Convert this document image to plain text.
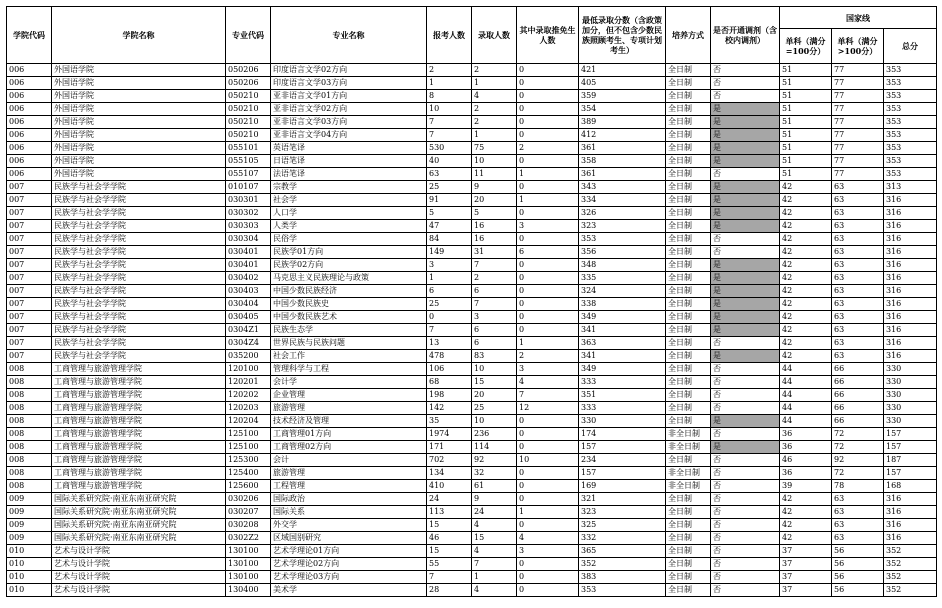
学院代码	学院名称	专业代码	专业名称	报考人数	录取人数	其中录取推免生人数	最低录取分数（含政策加分，但不包含少数民族照顾考生、专项计划考生）	培养方式	是否开通调剂（含校内调剂）	国家线		
										单科（满分=100分）	单科（满分>100分）	总分
006	外国语学院	050206	印度语言文学02方向	2	2	0	421	全日制	否	51	77	353
006	外国语学院	050206	印度语言文学03方向	1	1	0	405	全日制	否	51	77	353
006	外国语学院	050210	亚非语言文学01方向	8	4	0	359	全日制	否	51	77	353
006	外国语学院	050210	亚非语言文学02方向	10	2	0	354	全日制	是	51	77	353
006	外国语学院	050210	亚非语言文学03方向	7	2	0	389	全日制	是	51	77	353
006	外国语学院	050210	亚非语言文学04方向	7	1	0	412	全日制	是	51	77	353
006	外国语学院	055101	英语笔译	530	75	2	361	全日制	是	51	77	353
006	外国语学院	055105	日语笔译	40	10	0	358	全日制	是	51	77	353
006	外国语学院	055107	法语笔译	63	11	1	361	全日制	否	51	77	353
007	民族学与社会学学院	010107	宗教学	25	9	0	343	全日制	是	42	63	313
007	民族学与社会学学院	030301	社会学	91	20	1	334	全日制	是	42	63	316
007	民族学与社会学学院	030302	人口学	5	5	0	326	全日制	是	42	63	316
007	民族学与社会学学院	030303	人类学	47	16	3	323	全日制	是	42	63	316
007	民族学与社会学学院	030304	民俗学	84	16	0	353	全日制	否	42	63	316
007	民族学与社会学学院	030401	民族学01方向	149	31	6	356	全日制	否	42	63	316
007	民族学与社会学学院	030401	民族学02方向	3	7	0	348	全日制	是	42	63	316
007	民族学与社会学学院	030402	马克思主义民族理论与政策	1	2	0	335	全日制	是	42	63	316
007	民族学与社会学学院	030403	中国少数民族经济	6	6	0	324	全日制	是	42	63	316
007	民族学与社会学学院	030404	中国少数民族史	25	7	0	338	全日制	是	42	63	316
007	民族学与社会学学院	030405	中国少数民族艺术	0	3	0	349	全日制	是	42	63	316
007	民族学与社会学学院	0304Z1	民族生态学	7	6	0	341	全日制	是	42	63	316
007	民族学与社会学学院	0304Z4	世界民族与民族问题	13	6	1	363	全日制	否	42	63	316
007	民族学与社会学学院	035200	社会工作	478	83	2	341	全日制	是	42	63	316
008	工商管理与旅游管理学院	120100	管理科学与工程	106	10	3	349	全日制	否	44	66	330
008	工商管理与旅游管理学院	120201	会计学	68	15	4	333	全日制	否	44	66	330
008	工商管理与旅游管理学院	120202	企业管理	198	20	7	351	全日制	否	44	66	330
008	工商管理与旅游管理学院	120203	旅游管理	142	25	12	333	全日制	否	44	66	330
008	工商管理与旅游管理学院	120204	技术经济及管理	35	10	0	330	全日制	是	44	66	330
008	工商管理与旅游管理学院	125100	工商管理01方向	1974	236	0	174	非全日制	否	36	72	157
008	工商管理与旅游管理学院	125100	工商管理02方向	171	114	0	157	非全日制	是	36	72	157
008	工商管理与旅游管理学院	125300	会计	702	92	10	234	全日制	否	46	92	187
008	工商管理与旅游管理学院	125400	旅游管理	134	32	0	157	非全日制	否	36	72	157
008	工商管理与旅游管理学院	125600	工程管理	410	61	0	169	非全日制	否	39	78	168
009	国际关系研究院·南亚东南亚研究院	030206	国际政治	24	9	0	321	全日制	否	42	63	316
009	国际关系研究院·南亚东南亚研究院	030207	国际关系	113	24	1	323	全日制	否	42	63	316
009	国际关系研究院·南亚东南亚研究院	030208	外交学	15	4	0	325	全日制	否	42	63	316
009	国际关系研究院·南亚东南亚研究院	0302Z2	区域国别研究	46	15	4	332	全日制	否	42	63	316
010	艺术与设计学院	130100	艺术学理论01方向	15	4	3	365	全日制	否	37	56	352
010	艺术与设计学院	130100	艺术学理论02方向	55	7	0	352	全日制	否	37	56	352
010	艺术与设计学院	130100	艺术学理论03方向	7	1	0	383	全日制	否	37	56	352
010	艺术与设计学院	130400	美术学	28	4	0	353	全日制	否	37	56	352
